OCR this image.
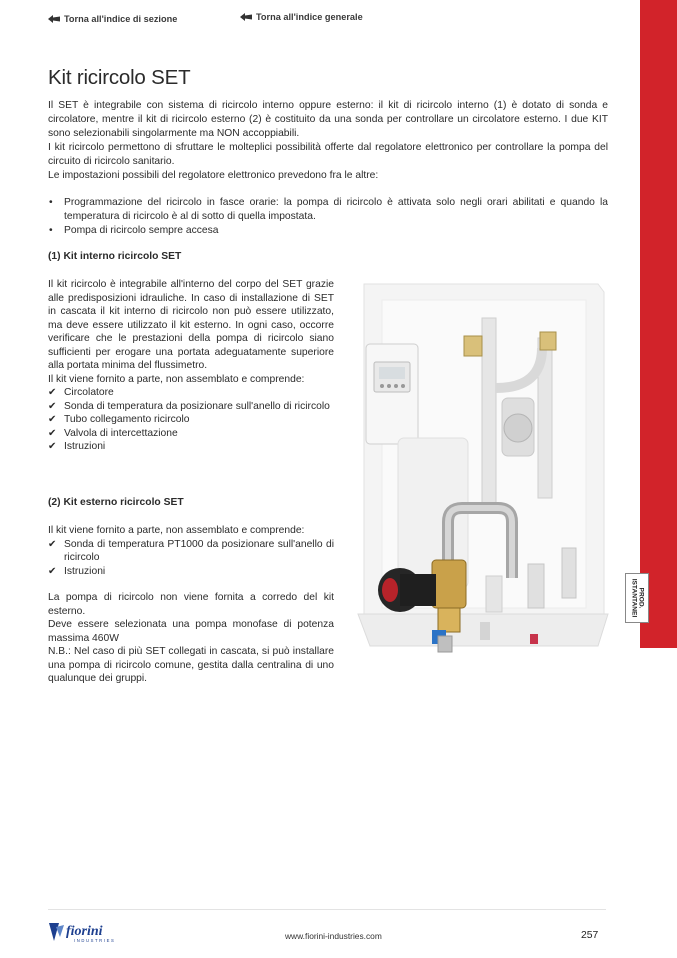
Torna all'indice di sezione	Torna all'indice generale
PROD.
ISTANTANEI
Kit ricircolo SET

Il SET è integrabile con sistema di ricircolo interno oppure esterno: il kit di ricircolo interno (1) è dotato di sonda e circolatore, mentre il kit di ricircolo esterno (2) è costituito da una sonda per controllare un circolatore esterno. I due KIT sono selezionabili singolarmente ma NON accoppiabili.

I kit ricircolo permettono di sfruttare le molteplici possibilità offerte dal regolatore elettronico per controllare la pompa del circuito di ricircolo sanitario.

Le impostazioni possibili del regolatore elettronico prevedono fra le altre:

• Programmazione del ricircolo in fasce orarie: la pompa di ricircolo è attivata solo negli orari abilitati e quando la temperatura di ricircolo è al di sotto di quella impostata.
• Pompa di ricircolo sempre accesa
(1) Kit interno ricircolo SET

Il kit ricircolo è integrabile all'interno del corpo del SET grazie alle predisposizioni idrauliche. In caso di installazione di SET in cascata il kit interno di ricircolo non può essere utilizzato, ma deve essere utilizzato il kit esterno. In ogni caso, occorre verificare che le prestazioni della pompa di ricircolo siano sufficienti per erogare una portata adeguatamente superiore alla portata minima del flussimetro.

Il kit viene fornito a parte, non assemblato e comprende:

✔ Circolatore
✔ Sonda di temperatura da posizionare sull'anello di ricircolo
✔ Tubo collegamento ricircolo
✔ Valvola di intercettazione
✔ Istruzioni
(2) Kit esterno ricircolo SET

Il kit viene fornito a parte, non assemblato e comprende:

✔ Sonda di temperatura PT1000 da posizionare sull'anello di ricircolo
✔ Istruzioni

La pompa di ricircolo non viene fornita a corredo del kit esterno.

Deve essere selezionata una pompa monofase di potenza massima 460W

N.B.: Nel caso di più SET collegati in cascata, si può installare una pompa di ricircolo comune, gestita dalla centralina di uno qualunque dei gruppi.

fiorini
INDUSTRIES	www.fiorini-industries.com	257
